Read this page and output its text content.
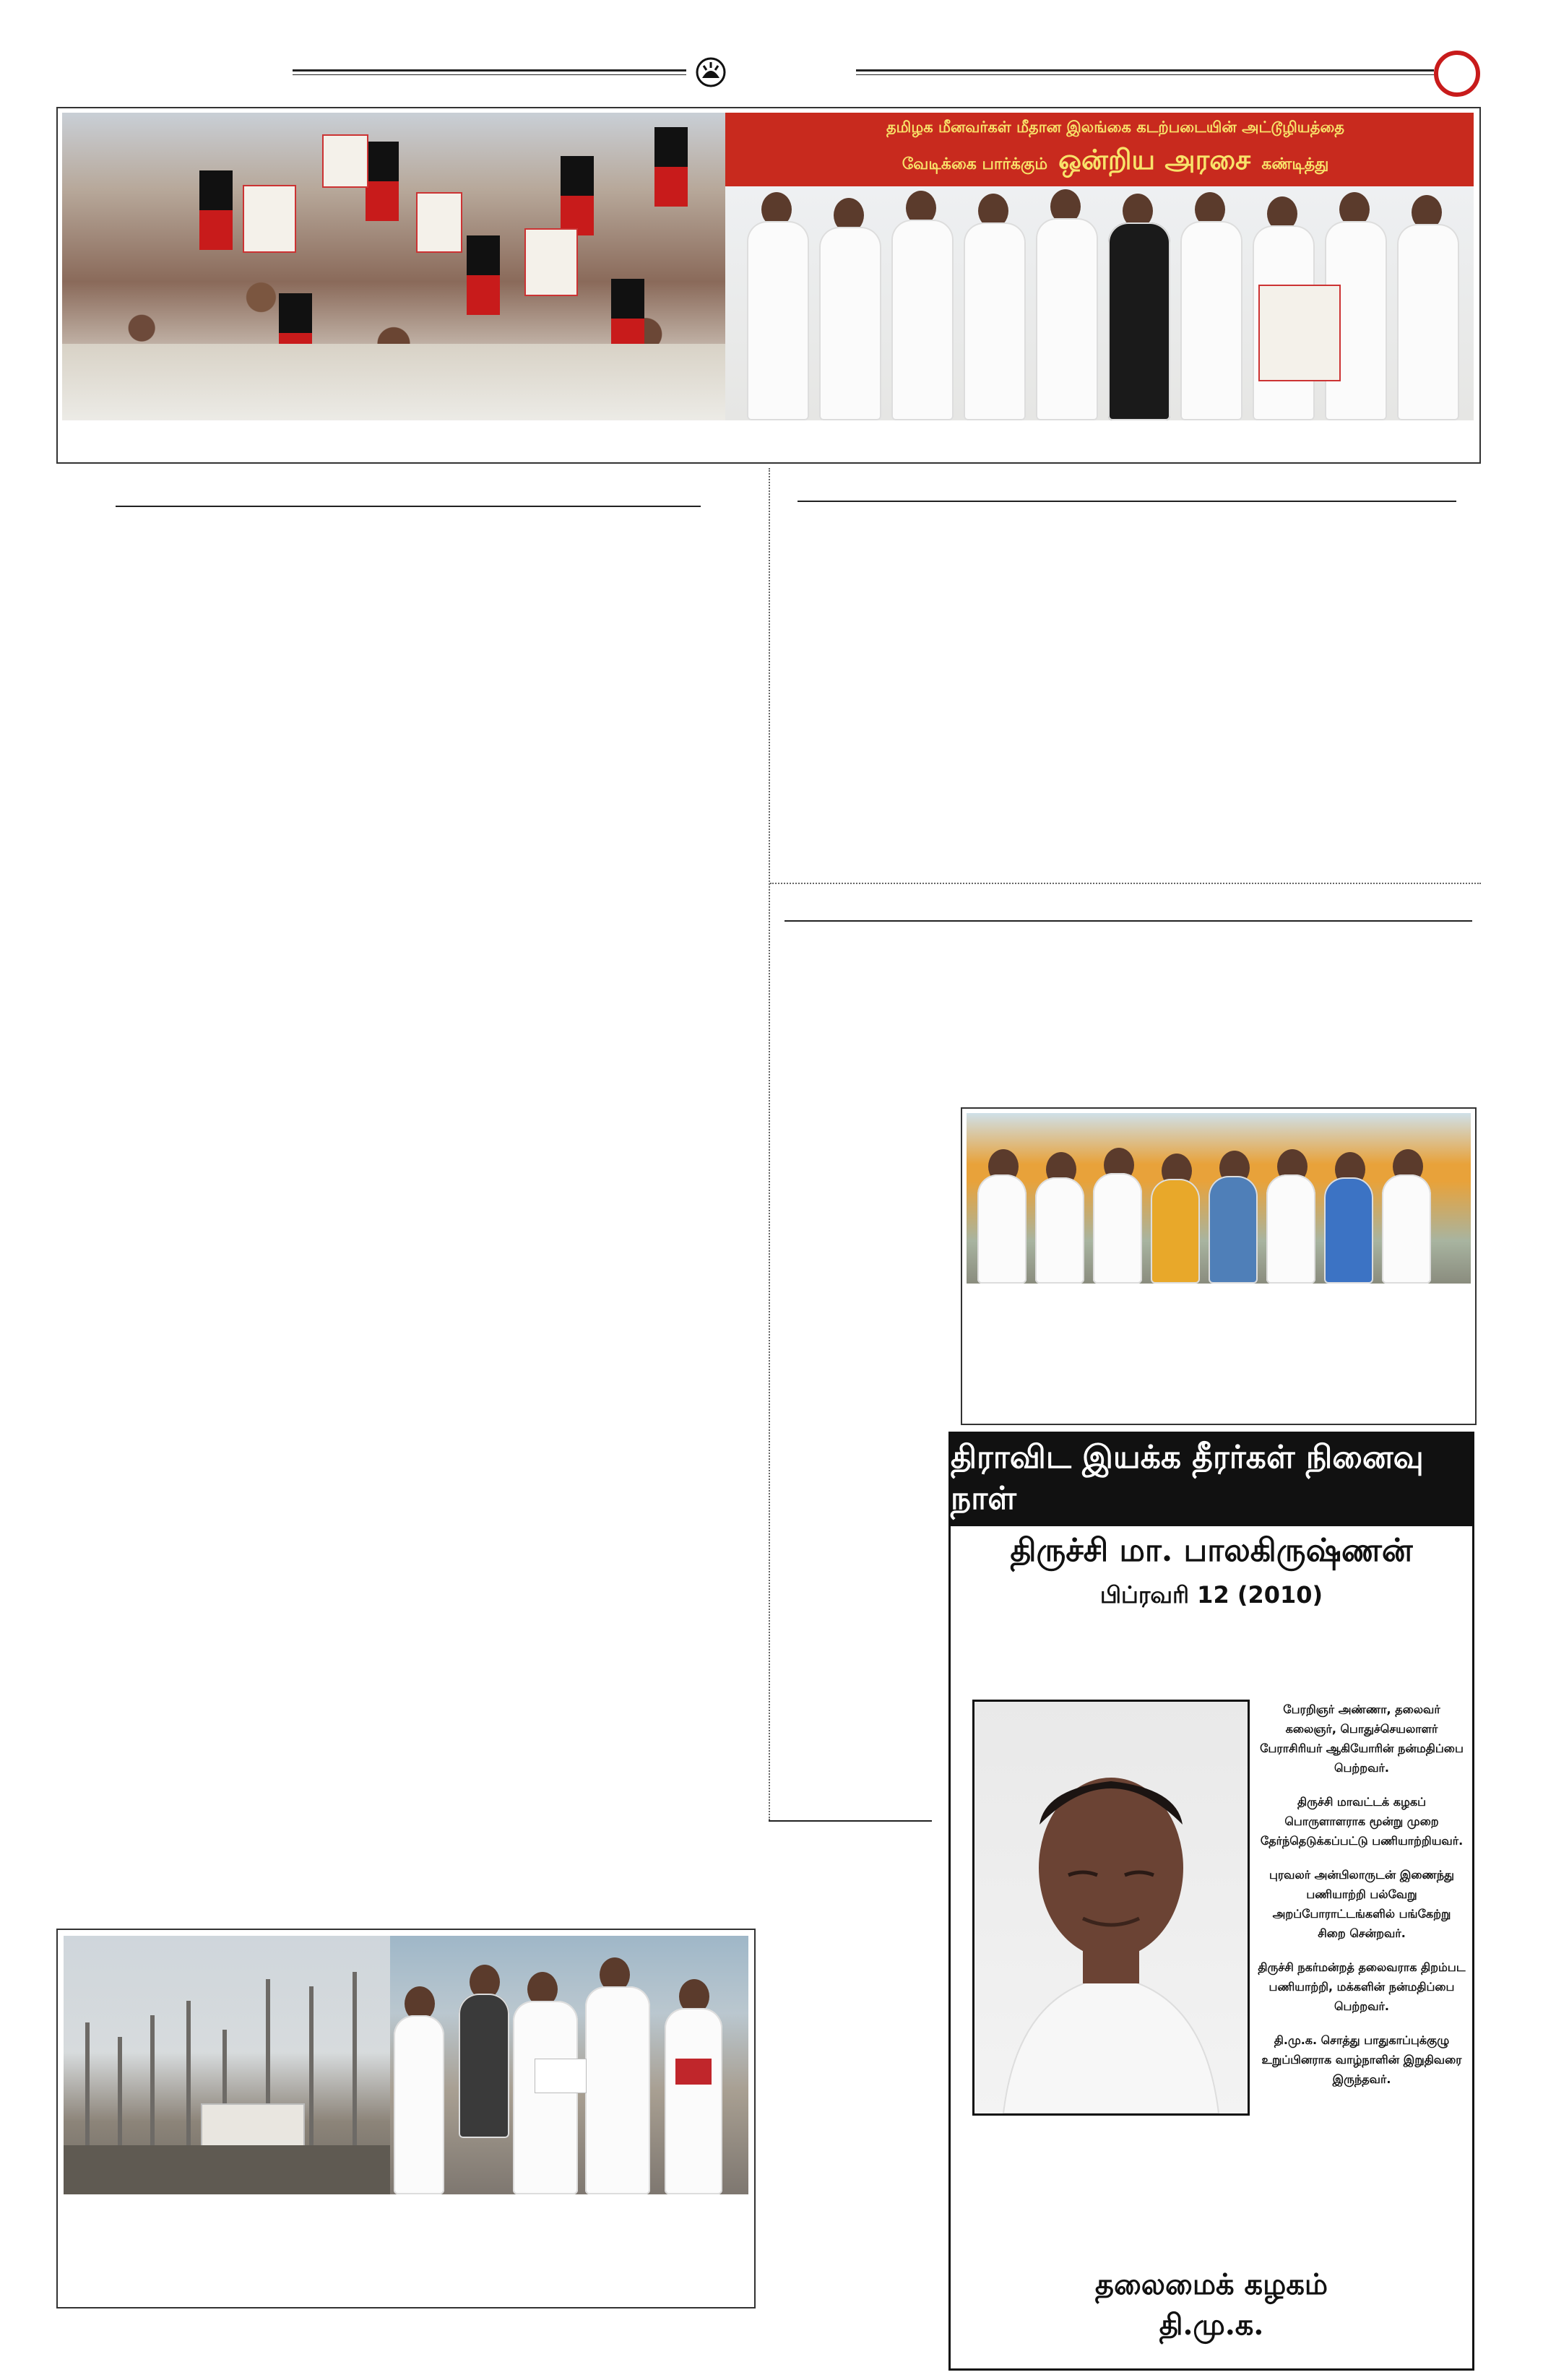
தமிழக மீனவர்கள் மீதான இலங்கை கடற்படையின் அட்டூழியத்தை
வேடிக்கை பார்க்கும் ஒன்றிய அரசை கண்டித்து
திராவிட இயக்க தீரர்கள் நினைவு நாள்
திருச்சி மா. பாலகிருஷ்ணன்
பிப்ரவரி 12 (2010)

பேரறிஞர் அண்ணா, தலைவர் கலைஞர், பொதுச்செயலாளர் பேராசிரியர் ஆகியோரின் நன்மதிப்பை பெற்றவர்.

திருச்சி மாவட்டக் கழகப் பொருளாளராக மூன்று முறை தேர்ந்தெடுக்கப்பட்டு பணியாற்றியவர்.

புரவலர் அன்பிலாருடன் இணைந்து பணியாற்றி பல்வேறு அறப்போராட்டங்களில் பங்கேற்று சிறை சென்றவர்.

திருச்சி நகர்மன்றத் தலைவராக திறம்பட பணியாற்றி, மக்களின் நன்மதிப்பை பெற்றவர்.

தி.மு.க. சொத்து பாதுகாப்புக்குழு உறுப்பினராக வாழ்நாளின் இறுதிவரை இருந்தவர்.

தலைமைக் கழகம்
தி.மு.க.
